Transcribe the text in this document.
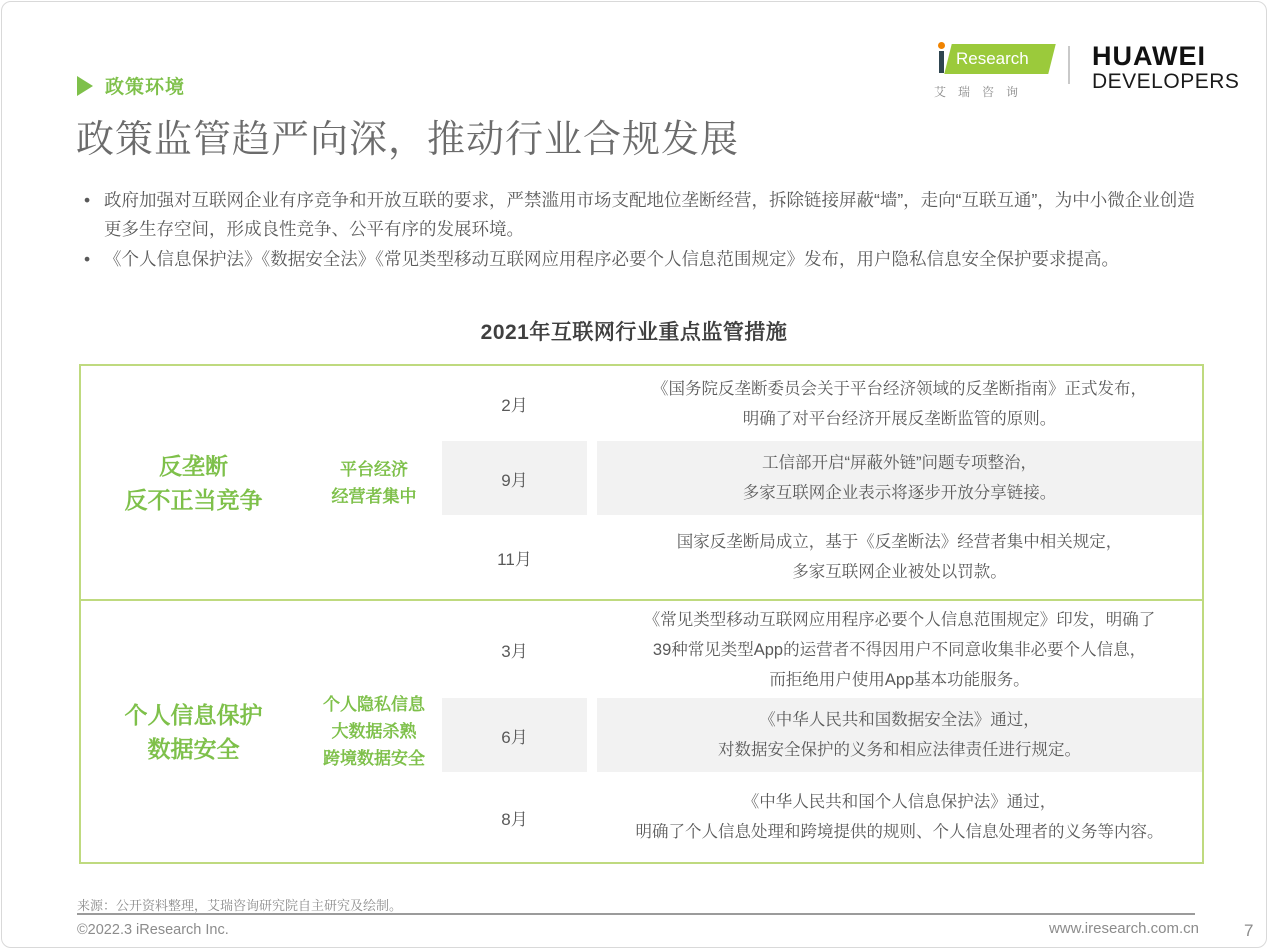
政策环境
政策监管趋严向深，推动行业合规发展
Research
艾瑞咨询
HUAWEI
DEVELOPERS
• 政府加强对互联网企业有序竞争和开放互联的要求，严禁滥用市场支配地位垄断经营，拆除链接屏蔽“墙”，走向“互联互通”，为中小微企业创造更多生存空间，形成良性竞争、公平有序的发展环境。
• 《个人信息保护法》《数据安全法》《常见类型移动互联网应用程序必要个人信息范围规定》发布，用户隐私信息安全保护要求提高。
2021年互联网行业重点监管措施
反垄断
反不正当竞争
平台经济
经营者集中
2月
《国务院反垄断委员会关于平台经济领域的反垄断指南》正式发布，
明确了对平台经济开展反垄断监管的原则。
9月
工信部开启“屏蔽外链”问题专项整治，
多家互联网企业表示将逐步开放分享链接。
11月
国家反垄断局成立，基于《反垄断法》经营者集中相关规定，
多家互联网企业被处以罚款。
个人信息保护
数据安全
个人隐私信息
大数据杀熟
跨境数据安全
3月
《常见类型移动互联网应用程序必要个人信息范围规定》印发，明确了
39种常见类型App的运营者不得因用户不同意收集非必要个人信息，
而拒绝用户使用App基本功能服务。
6月
《中华人民共和国数据安全法》通过，
对数据安全保护的义务和相应法律责任进行规定。
8月
《中华人民共和国个人信息保护法》通过，
明确了个人信息处理和跨境提供的规则、个人信息处理者的义务等内容。
来源：公开资料整理，艾瑞咨询研究院自主研究及绘制。
©2022.3 iResearch Inc.	www.iresearch.com.cn	7
